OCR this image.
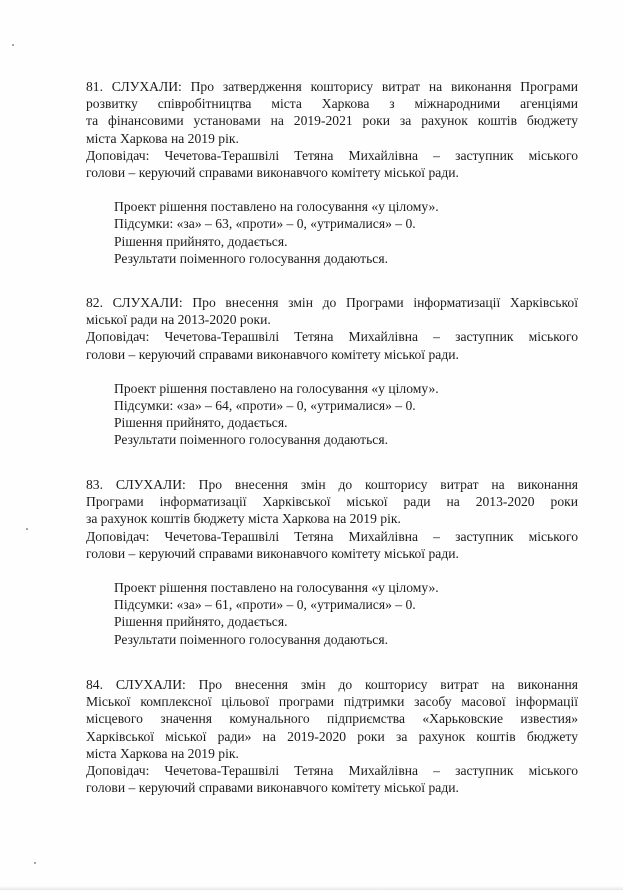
81. СЛУХАЛИ: Про затвердження кошторису витрат на виконання Програми
розвитку співробітництва міста Харкова з міжнародними агенціями
та фінансовими установами на 2019-2021 роки за рахунок коштів бюджету
міста Харкова на 2019 рік.
Доповідач: Чечетова-Терашвілі Тетяна Михайлівна – заступник міського
голови – керуючий справами виконавчого комітету міської ради.
Проект рішення поставлено на голосування «у цілому».
Підсумки: «за» – 63, «проти» – 0, «утрималися» – 0.
Рішення прийнято, додається.
Результати поіменного голосування додаються.
82. СЛУХАЛИ: Про внесення змін до Програми інформатизації Харківської
міської ради на 2013-2020 роки.
Доповідач: Чечетова-Терашвілі Тетяна Михайлівна – заступник міського
голови – керуючий справами виконавчого комітету міської ради.
Проект рішення поставлено на голосування «у цілому».
Підсумки: «за» – 64, «проти» – 0, «утрималися» – 0.
Рішення прийнято, додається.
Результати поіменного голосування додаються.
83. СЛУХАЛИ: Про внесення змін до кошторису витрат на виконання
Програми інформатизації Харківської міської ради на 2013-2020 роки
за рахунок коштів бюджету міста Харкова на 2019 рік.
Доповідач: Чечетова-Терашвілі Тетяна Михайлівна – заступник міського
голови – керуючий справами виконавчого комітету міської ради.
Проект рішення поставлено на голосування «у цілому».
Підсумки: «за» – 61, «проти» – 0, «утрималися» – 0.
Рішення прийнято, додається.
Результати поіменного голосування додаються.
84. СЛУХАЛИ: Про внесення змін до кошторису витрат на виконання
Міської комплексної цільової програми підтримки засобу масової інформації
місцевого значення комунального підприємства «Харьковские известия»
Харківської міської ради» на 2019-2020 роки за рахунок коштів бюджету
міста Харкова на 2019 рік.
Доповідач: Чечетова-Терашвілі Тетяна Михайлівна – заступник міського
голови – керуючий справами виконавчого комітету міської ради.
